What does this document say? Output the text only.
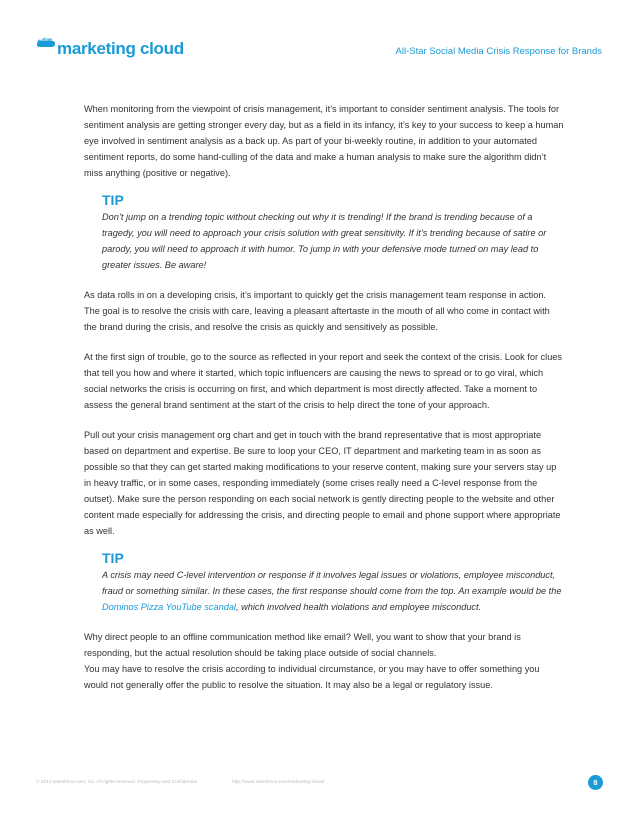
salesforce
marketing cloud	All-Star Social Media Crisis Response for Brands

When monitoring from the viewpoint of crisis management, it’s important to consider sentiment analysis. The tools for sentiment analysis are getting stronger every day, but as a field in its infancy, it’s key to your success to keep a human eye involved in sentiment analysis as a back up. As part of your bi-weekly routine, in addition to your automated sentiment reports, do some hand-culling of the data and make a human analysis to make sure the algorithm didn’t miss anything (positive or negative).

TIP

Don’t jump on a trending topic without checking out why it is trending! If the brand is trending because of a tragedy, you will need to approach your crisis solution with great sensitivity. If it’s trending because of satire or parody, you will need to approach it with humor. To jump in with your defensive mode turned on may lead to greater issues. Be aware!

As data rolls in on a developing crisis, it’s important to quickly get the crisis management team response in action. The goal is to resolve the crisis with care, leaving a pleasant aftertaste in the mouth of all who come in contact with the brand during the crisis, and resolve the crisis as quickly and sensitively as possible.

At the first sign of trouble, go to the source as reflected in your report and seek the context of the crisis. Look for clues that tell you how and where it started, which topic influencers are causing the news to spread or to go viral, which social networks the crisis is occurring on first, and which department is most directly affected. Take a moment to assess the general brand sentiment at the start of the crisis to help direct the tone of your approach.

Pull out your crisis management org chart and get in touch with the brand representative that is most appropriate based on department and expertise. Be sure to loop your CEO, IT department and marketing team in as soon as possible so that they can get started making modifications to your reserve content, making sure your servers stay up in heavy traffic, or in some cases, responding immediately (some crises really need a C-level response from the outset). Make sure the person responding on each social network is gently directing people to the website and other content made especially for addressing the crisis, and directing people to email and phone support where appropriate as well.

TIP

A crisis may need C-level intervention or response if it involves legal issues or violations, employee misconduct, fraud or something similar. In these cases, the first response should come from the top. An example would be the Dominos Pizza YouTube scandal, which involved health violations and employee misconduct.

Why direct people to an offline communication method like email? Well, you want to show that your brand is responding, but the actual resolution should be taking place outside of social channels.

You may have to resolve the crisis according to individual circumstance, or you may have to offer something you would not generally offer the public to resolve the situation. It may also be a legal or regulatory issue.

© 2013 salesforce.com, inc. All rights reserved. Proprietary and Confidential	http://www.salesforce.com/marketing-cloud/	8
